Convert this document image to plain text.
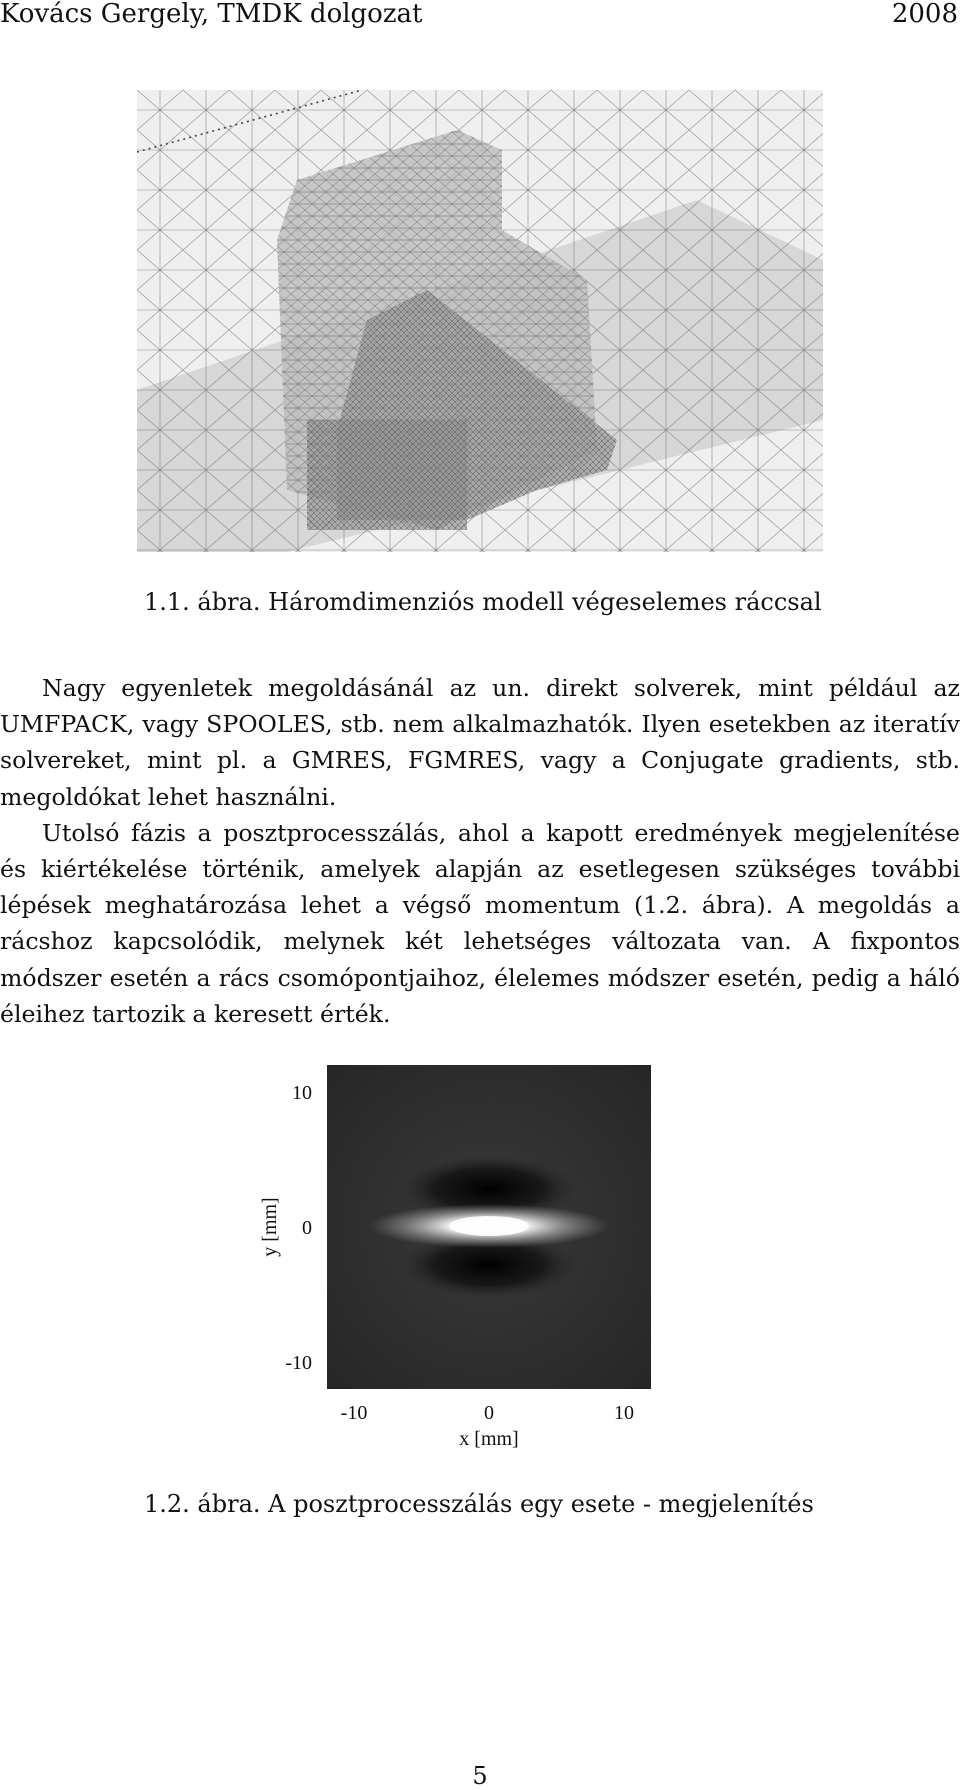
Kovács Gergely, TMDK dolgozat	2008
1.1. ábra. Háromdimenziós modell végeselemes ráccsal

Nagy egyenletek megoldásánál az un. direkt solverek, mint például az UMFPACK, vagy SPOOLES, stb. nem alkalmazhatók. Ilyen esetekben az iteratív solvereket, mint pl. a GMRES, FGMRES, vagy a Conjugate gradients, stb. megoldókat lehet használni.

Utolsó fázis a posztprocesszálás, ahol a kapott eredmények megjelenítése és kiértékelése történik, amelyek alapján az esetlegesen szükséges további lépések meghatározása lehet a végső momentum (1.2. ábra). A megoldás a rácshoz kapcsolódik, melynek két lehetséges változata van. A fixpontos módszer esetén a rács csomópontjaihoz, élelemes módszer esetén, pedig a háló éleihez tartozik a keresett érték.

-10	0	10
10
0
-10
y [mm]
x [mm]
1.2. ábra. A posztprocesszálás egy esete - megjelenítés
5
